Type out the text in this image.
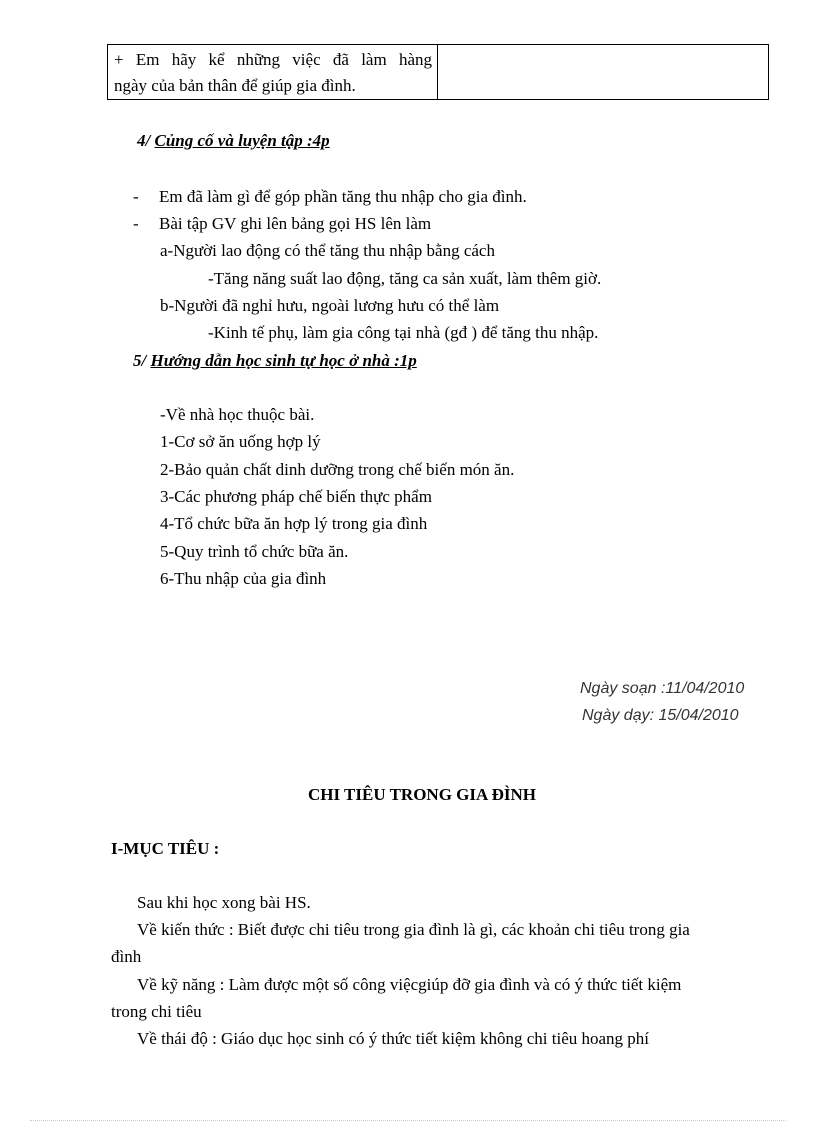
+ Em hãy kể những việc đã làm hàng
ngày của bản thân để giúp gia đình.
4/ Củng cố và luyện tập :4p
- Em đã làm gì để góp phần tăng thu nhập cho gia đình.
- Bài tập GV ghi lên bảng gọi HS lên làm
a-Người lao động có thể tăng thu nhập bằng cách
-Tăng năng suất lao động, tăng ca sản xuất, làm thêm giờ.
b-Người đã nghỉ hưu, ngoài lương hưu có thể làm
-Kinh tế phụ, làm gia công tại nhà (gđ ) để tăng thu nhập.
5/ Hướng dẫn học sinh tự học ở nhà :1p
-Về nhà học thuộc bài.
1-Cơ sở ăn uống hợp lý
2-Bảo quản chất dinh dưỡng trong chế biến món ăn.
3-Các phương pháp chế biến thực phẩm
4-Tổ chức bữa ăn hợp lý trong gia đình
5-Quy trình tổ chức bữa ăn.
6-Thu nhập của gia đình
Ngày soạn :11/04/2010
Ngày dạy: 15/04/2010
CHI TIÊU TRONG GIA ĐÌNH
I-MỤC TIÊU :
Sau khi học xong bài HS.
Về kiến thức : Biết được chi tiêu trong gia đình là gì, các khoản chi tiêu trong gia
đình
Về kỹ năng : Làm được một số công việcgiúp đỡ gia đình và có ý thức tiết kiệm
trong chi tiêu
Về thái độ : Giáo dục học sinh có ý thức tiết kiệm không chi tiêu hoang phí
